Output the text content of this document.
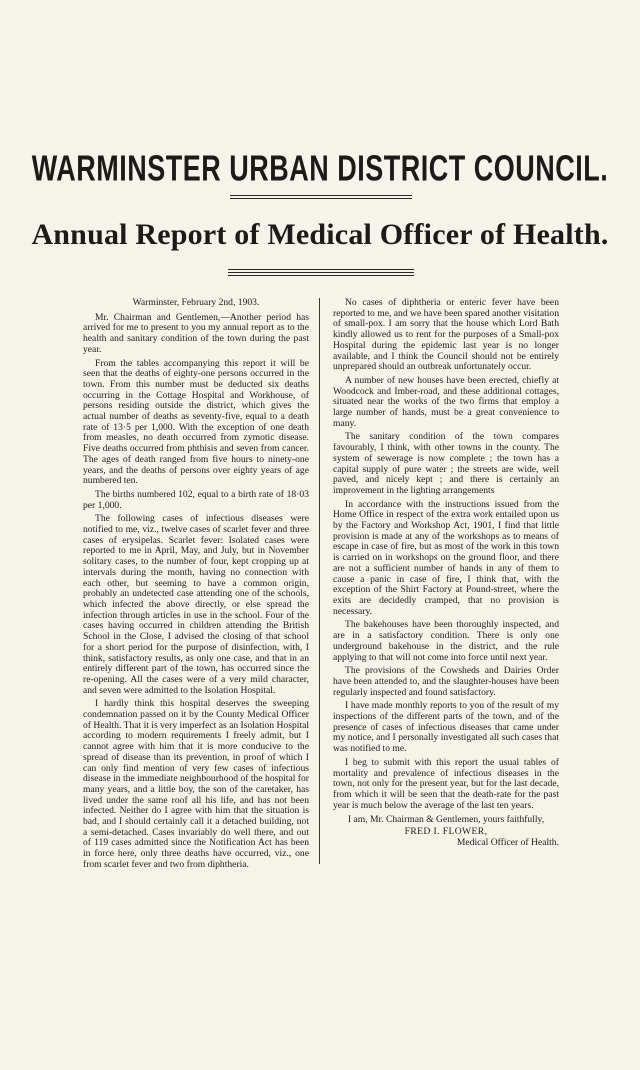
WARMINSTER URBAN DISTRICT COUNCIL.
Annual Report of Medical Officer of Health.

Warminster, February 2nd, 1903.

Mr. Chairman and Gentlemen,—Another period has arrived for me to present to you my annual report as to the health and sanitary condition of the town during the past year.

From the tables accompanying this report it will be seen that the deaths of eighty-one persons occurred in the town. From this number must be deducted six deaths occurring in the Cottage Hospital and Workhouse, of persons residing outside the district, which gives the actual number of deaths as seventy-five, equal to a death rate of 13·5 per 1,000. With the exception of one death from measles, no death occurred from zymotic disease. Five deaths occurred from phthisis and seven from cancer. The ages of death ranged from five hours to ninety-one years, and the deaths of persons over eighty years of age numbered ten.

The births numbered 102, equal to a birth rate of 18·03 per 1,000.

The following cases of infectious diseases were notified to me, viz., twelve cases of scarlet fever and three cases of erysipelas. Scarlet fever: Isolated cases were reported to me in April, May, and July, but in November solitary cases, to the number of four, kept cropping up at intervals during the month, having no connection with each other, but seeming to have a common origin, probably an undetected case attending one of the schools, which infected the above directly, or else spread the infection through articles in use in the school. Four of the cases having occurred in children attending the British School in the Close, I advised the closing of that school for a short period for the purpose of disinfection, with, I think, satisfactory results, as only one case, and that in an entirely different part of the town, has occurred since the re-opening. All the cases were of a very mild character, and seven were admitted to the Isolation Hospital.

I hardly think this hospital deserves the sweeping condemnation passed on it by the County Medical Officer of Health. That it is very imperfect as an Isolation Hospital according to modern requirements I freely admit, but I cannot agree with him that it is more conducive to the spread of disease than its prevention, in proof of which I can only find mention of very few cases of infectious disease in the immediate neighbourhood of the hospital for many years, and a little boy, the son of the caretaker, has lived under the same roof all his life, and has not been infected. Neither do I agree with him that the situation is bad, and I should certainly call it a detached building, not a semi-detached. Cases invariably do well there, and out of 119 cases admitted since the Notification Act has been in force here, only three deaths have occurred, viz., one from scarlet fever and two from diphtheria.

No cases of diphtheria or enteric fever have been reported to me, and we have been spared another visitation of small-pox. I am sorry that the house which Lord Bath kindly allowed us to rent for the purposes of a Small-pox Hospital during the epidemic last year is no longer available, and I think the Council should not be entirely unprepared should an outbreak unfortunately occur.

A number of new houses have been erected, chiefly at Woodcock and Imber-road, and these additional cottages, situated near the works of the two firms that employ a large number of hands, must be a great convenience to many.

The sanitary condition of the town compares favourably, I think, with other towns in the county. The system of sewerage is now complete ; the town has a capital supply of pure water ; the streets are wide, well paved, and nicely kept ; and there is certainly an improvement in the lighting arrangements

In accordance with the instructions issued from the Home Office in respect of the extra work entailed upon us by the Factory and Workshop Act, 1901, I find that little provision is made at any of the workshops as to means of escape in case of fire, but as most of the work in this town is carried on in workshops on the ground floor, and there are not a sufficient number of hands in any of them to cause a panic in case of fire, I think that, with the exception of the Shirt Factory at Pound-street, where the exits are decidedly cramped, that no provision is necessary.

The bakehouses have been thoroughly inspected, and are in a satisfactory condition. There is only one underground bakehouse in the district, and the rule applying to that will not come into force until next year.

The provisions of the Cowsheds and Dairies Order have been attended to, and the slaughter-houses have been regularly inspected and found satisfactory.

I have made monthly reports to you of the result of my inspections of the different parts of the town, and of the presence of cases of infectious diseases that came under my notice, and I personally investigated all such cases that was notified to me.

I beg to submit with this report the usual tables of mortality and prevalence of infectious diseases in the town, not only for the present year, but for the last decade, from which it will be seen that the death-rate for the past year is much below the average of the last ten years.

I am, Mr. Chairman & Gentlemen, yours faithfully,

FRED I. FLOWER,

Medical Officer of Health.
